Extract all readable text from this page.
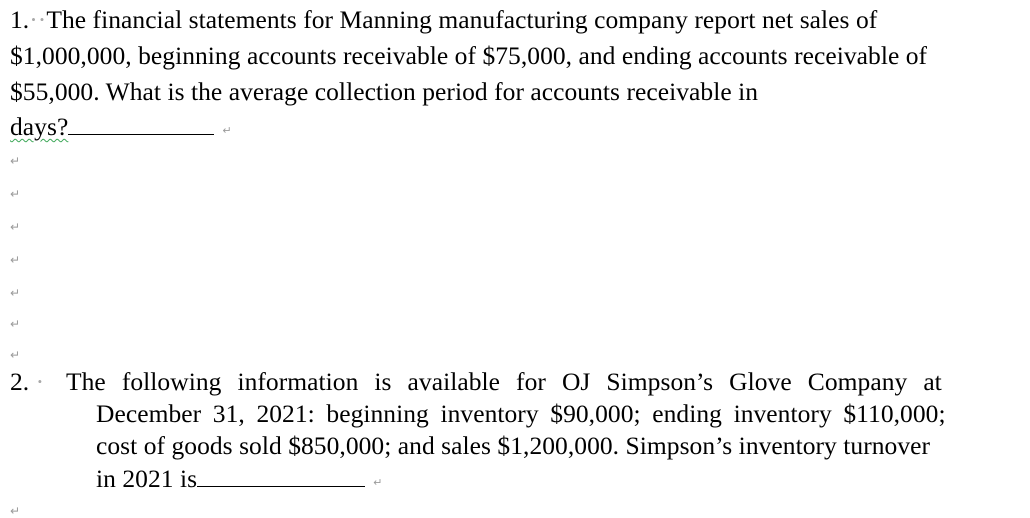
1.··The financial statements for Manning manufacturing company report net sales of
$1,000,000, beginning accounts receivable of $75,000, and ending accounts receivable of
$55,000. What is the average collection period for accounts receivable in
days?	↵
↵
↵
↵
↵
↵
↵
↵
2. · The following information is available for OJ Simpson’s Glove Company at
December 31, 2021: beginning inventory $90,000; ending inventory $110,000;
cost of goods sold $850,000; and sales $1,200,000. Simpson’s inventory turnover
in 2021 is	↵
↵
